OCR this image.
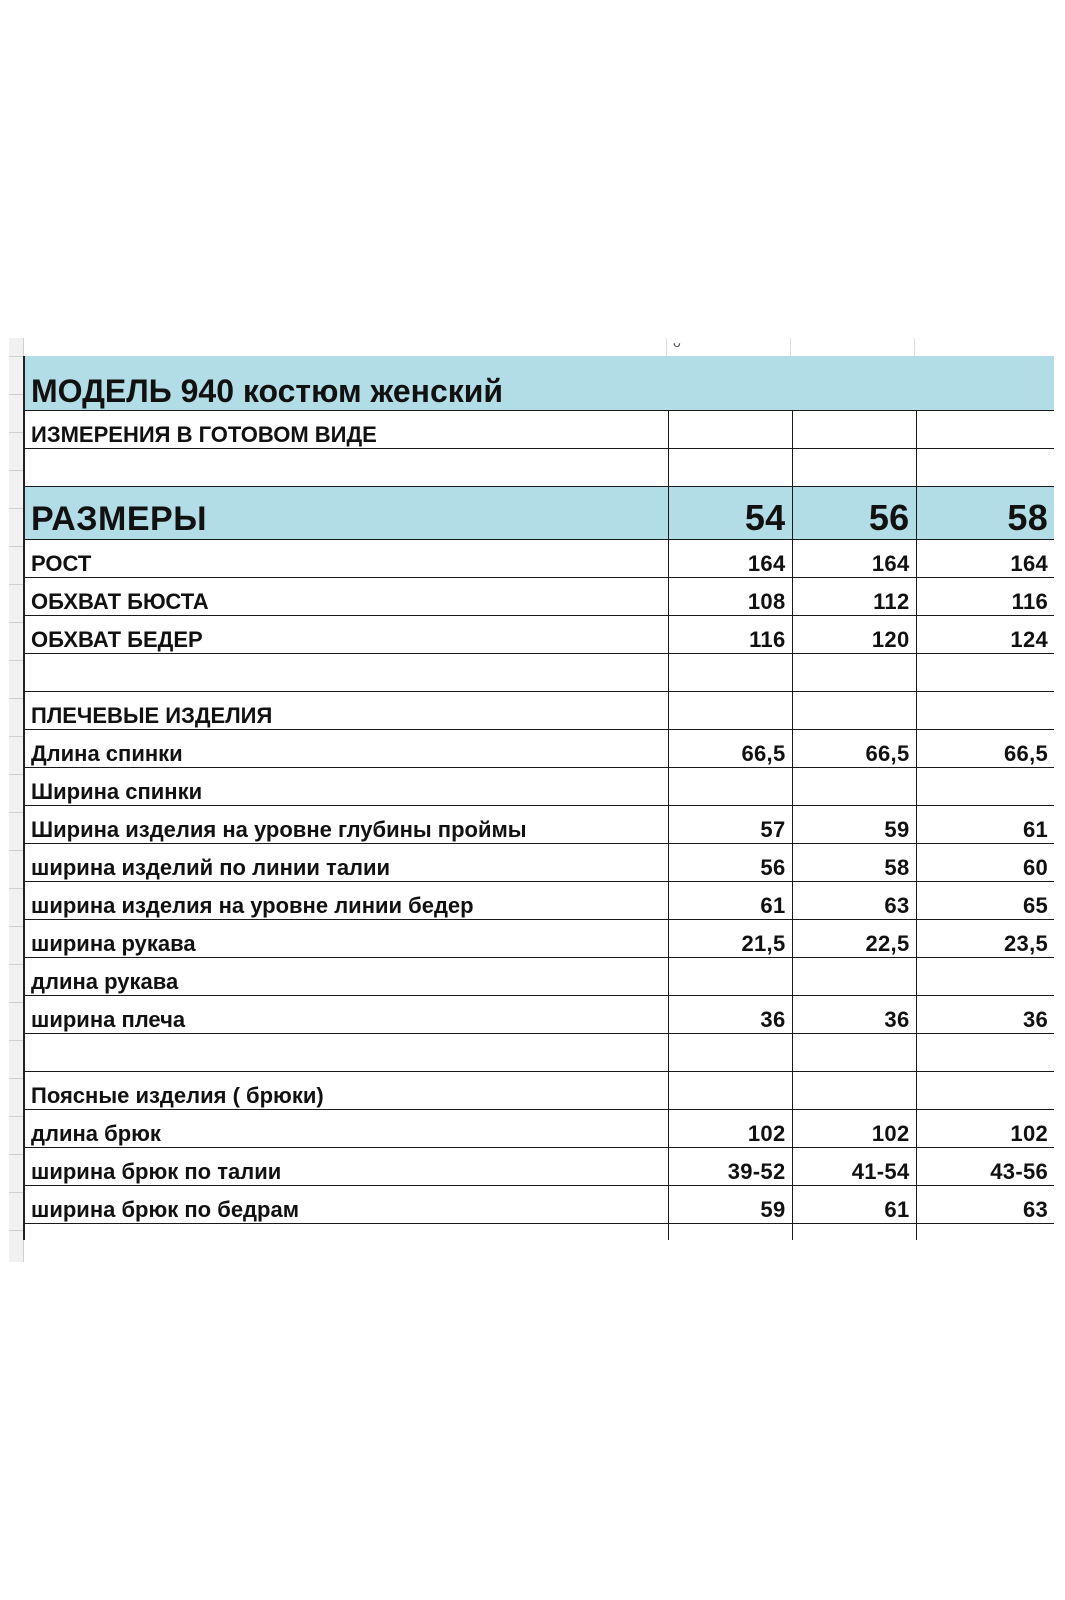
ᴗ
МОДЕЛЬ 940 костюм женский			
ИЗМЕРЕНИЯ В ГОТОВОМ ВИДЕ			

РАЗМЕРЫ	54	56	58
РОСТ	164	164	164
ОБХВАТ БЮСТА	108	112	116
ОБХВАТ БЕДЕР	116	120	124

ПЛЕЧЕВЫЕ ИЗДЕЛИЯ			
Длина спинки	66,5	66,5	66,5
Ширина спинки			
Ширина изделия на уровне глубины проймы	57	59	61
ширина изделий по линии талии	56	58	60
ширина изделия на уровне линии бедер	61	63	65
ширина рукава	21,5	22,5	23,5
длина рукава			
ширина плеча	36	36	36

Поясные изделия ( брюки)			
длина брюк	102	102	102
ширина брюк по талии	39-52	41-54	43-56
ширина брюк по бедрам	59	61	63
